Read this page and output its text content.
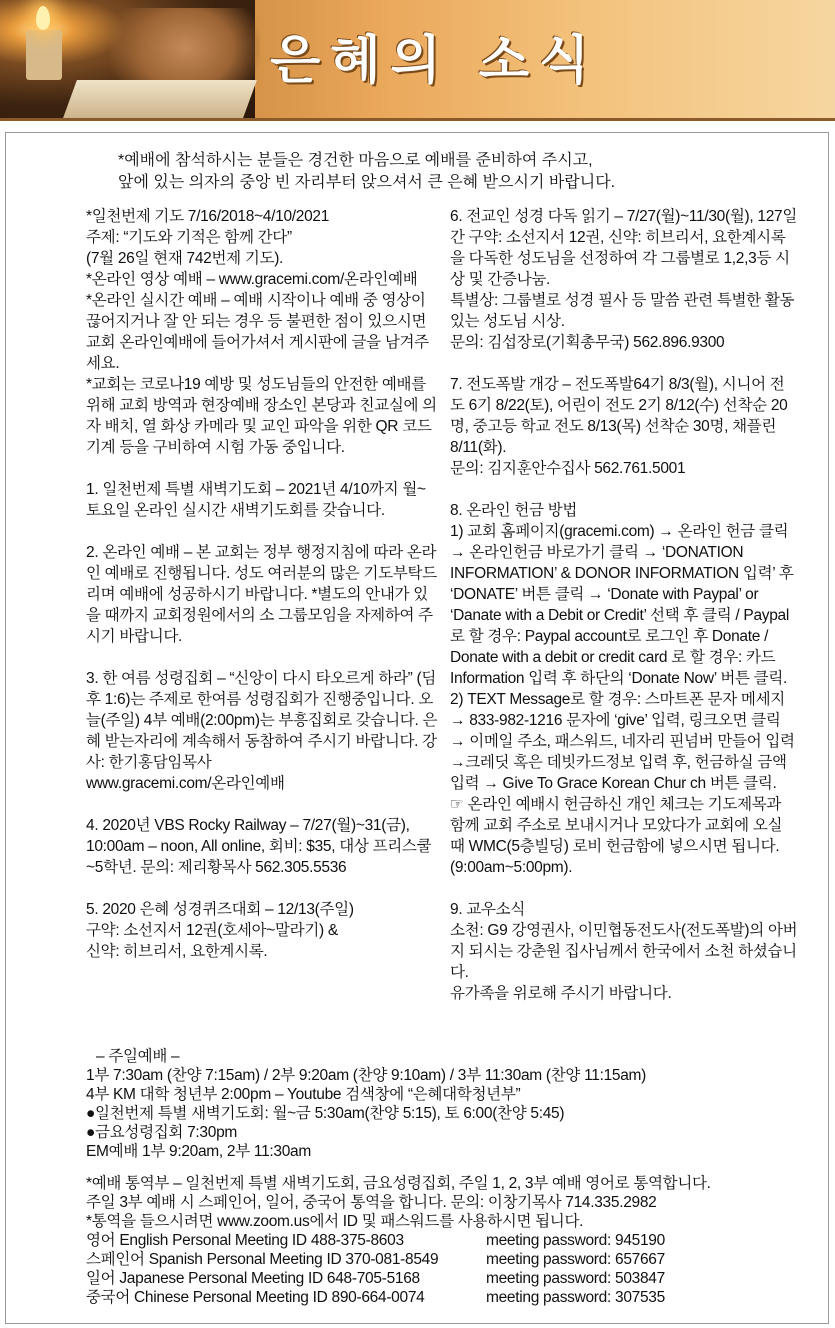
은혜의 소식
*예배에 참석하시는 분들은 경건한 마음으로 예배를 준비하여 주시고,
앞에 있는 의자의 중앙 빈 자리부터 앉으셔서 큰 은혜 받으시기 바랍니다.

*일천번제 기도 7/16/2018~4/10/2021
주제: “기도와 기적은 함께 간다”
(7월 26일 현재 742번제 기도).
*온라인 영상 예배 – www.gracemi.com/온라인예배
*온라인 실시간 예배 – 예배 시작이나 예배 중 영상이 끊어지거나 잘 안 되는 경우 등 불편한 점이 있으시면 교회 온라인예배에 들어가셔서 게시판에 글을 남겨주세요.
*교회는 코로나19 예방 및 성도님들의 안전한 예배를 위해 교회 방역과 현장예배 장소인 본당과 친교실에 의자 배치, 열 화상 카메라 및 교인 파악을 위한 QR 코드 기계 등을 구비하여 시험 가동 중입니다.

1. 일천번제 특별 새벽기도회 – 2021년 4/10까지 월~토요일 온라인 실시간 새벽기도회를 갖습니다.

2. 온라인 예배 – 본 교회는 정부 행정지침에 따라 온라인 예배로 진행됩니다. 성도 여러분의 많은 기도부탁드리며 예배에 성공하시기 바랍니다. *별도의 안내가 있을 때까지 교회정원에서의 소 그룹모임을 자제하여 주시기 바랍니다.

3. 한 여름 성령집회 – “신앙이 다시 타오르게 하라” (딤후 1:6)는 주제로 한여름 성령집회가 진행중입니다. 오늘(주일) 4부 예배(2:00pm)는 부흥집회로 갖습니다. 은혜 받는자리에 계속해서 동참하여 주시기 바랍니다. 강사: 한기홍담임목사
www.gracemi.com/온라인예배

4. 2020년 VBS Rocky Railway – 7/27(월)~31(금), 10:00am – noon, All online, 회비: $35, 대상 프리스쿨~5학년. 문의: 제리황목사 562.305.5536

5. 2020 은혜 성경퀴즈대회 – 12/13(주일)
구약: 소선지서 12권(호세아~말라기) &
신약: 히브리서, 요한계시록.

6. 전교인 성경 다독 읽기 – 7/27(월)~11/30(월), 127일간 구약: 소선지서 12권, 신약: 히브리서, 요한계시록을 다독한 성도님을 선정하여 각 그룹별로 1,2,3등 시상 및 간증나눔.
특별상: 그룹별로 성경 필사 등 말씀 관련 특별한 활동있는 성도님 시상.
문의: 김섭장로(기획총무국) 562.896.9300

7. 전도폭발 개강 – 전도폭발64기 8/3(월), 시니어 전도 6기 8/22(토), 어린이 전도 2기 8/12(수) 선착순 20명, 중고등 학교 전도 8/13(목) 선착순 30명, 채플린 8/11(화).
문의: 김지훈안수집사 562.761.5001

8. 온라인 헌금 방법
1) 교회 홈페이지(gracemi.com) → 온라인 헌금 클릭 → 온라인헌금 바로가기 클릭 → ‘DONATION INFORMATION’ & DONOR INFORMATION 입력’ 후 ‘DONATE’ 버튼 클릭 → ‘Donate with Paypal’ or
‘Danate with a Debit or Credit’ 선택 후 클릭 / Paypal 로 할 경우: Paypal account로 로그인 후 Donate / Donate with a debit or credit card 로 할 경우: 카드 Information 입력 후 하단의 ‘Donate Now’ 버튼 클릭.
2) TEXT Message로 할 경우: 스마트폰 문자 메세지 → 833-982-1216 문자에 ‘give’ 입력, 링크오면 클릭 → 이메일 주소, 패스워드, 네자리 핀넘버 만들어 입력→크레딧 혹은 데빗카드정보 입력 후, 헌금하실 금액 입력 → Give To Grace Korean Chur ch 버튼 클릭.
☞ 온라인 예배시 헌금하신 개인 체크는 기도제목과 함께 교회 주소로 보내시거나 모았다가 교회에 오실 때 WMC(5층빌딩) 로비 헌금함에 넣으시면 됩니다. (9:00am~5:00pm).

9. 교우소식
소천: G9 강영권사, 이민협동전도사(전도폭발)의 아버지 되시는 강춘원 집사님께서 한국에서 소천 하셨습니다.
유가족을 위로해 주시기 바랍니다.

– 주일예배 –

1부 7:30am (찬양 7:15am) / 2부 9:20am (찬양 9:10am) / 3부 11:30am (찬양 11:15am)

4부 KM 대학 청년부 2:00pm – Youtube 검색창에 “은혜대학청년부”

●일천번제 특별 새벽기도회: 월~금 5:30am(찬양 5:15), 토 6:00(찬양 5:45)

●금요성령집회 7:30pm

EM예배 1부 9:20am, 2부 11:30am

*예배 통역부 – 일천번제 특별 새벽기도회, 금요성령집회, 주일 1, 2, 3부 예배 영어로 통역합니다.

주일 3부 예배 시 스페인어, 일어, 중국어 통역을 합니다. 문의: 이창기목사 714.335.2982

*통역을 들으시려면 www.zoom.us에서 ID 및 패스워드를 사용하시면 됩니다.

영어 English Personal Meeting ID 488-375-8603	meeting password: 945190

스페인어 Spanish Personal Meeting ID 370-081-8549	meeting password: 657667

일어 Japanese Personal Meeting ID 648-705-5168	meeting password: 503847

중국어 Chinese Personal Meeting ID 890-664-0074	meeting password: 307535
